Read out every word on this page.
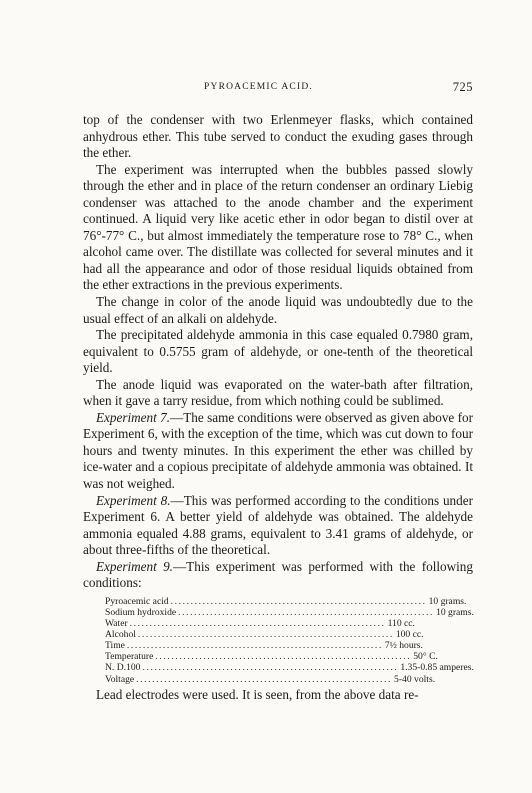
PYROACEMIC ACID.	725

top of the condenser with two Erlenmeyer flasks, which contained anhydrous ether. This tube served to conduct the exuding gases through the ether.

The experiment was interrupted when the bubbles passed slowly through the ether and in place of the return condenser an ordinary Liebig condenser was attached to the anode chamber and the experiment continued. A liquid very like acetic ether in odor began to distil over at 76°-77° C., but almost immediately the temperature rose to 78° C., when alcohol came over. The distillate was collected for several minutes and it had all the appearance and odor of those residual liquids obtained from the ether extractions in the previous experiments.

The change in color of the anode liquid was undoubtedly due to the usual effect of an alkali on aldehyde.

The precipitated aldehyde ammonia in this case equaled 0.7980 gram, equivalent to 0.5755 gram of aldehyde, or one-tenth of the theoretical yield.

The anode liquid was evaporated on the water-bath after filtration, when it gave a tarry residue, from which nothing could be sublimed.

Experiment 7.—The same conditions were observed as given above for Experiment 6, with the exception of the time, which was cut down to four hours and twenty minutes. In this experiment the ether was chilled by ice-water and a copious precipitate of aldehyde ammonia was obtained. It was not weighed.

Experiment 8.—This was performed according to the conditions under Experiment 6. A better yield of aldehyde was obtained. The aldehyde ammonia equaled 4.88 grams, equivalent to 3.41 grams of aldehyde, or about three-fifths of the theoretical.

Experiment 9.—This experiment was performed with the following conditions:

Pyroacemic acid ................................................................ 10 grams.
Sodium hydroxide ................................................................ 10 grams.
Water ................................................................ 110 cc.
Alcohol ................................................................ 100 cc.
Time ................................................................ 7½ hours.
Temperature ................................................................ 50° C.
N. D.100 ................................................................ 1.35-0.85 amperes.
Voltage ................................................................ 5-40 volts.

Lead electrodes were used. It is seen, from the above data re-
